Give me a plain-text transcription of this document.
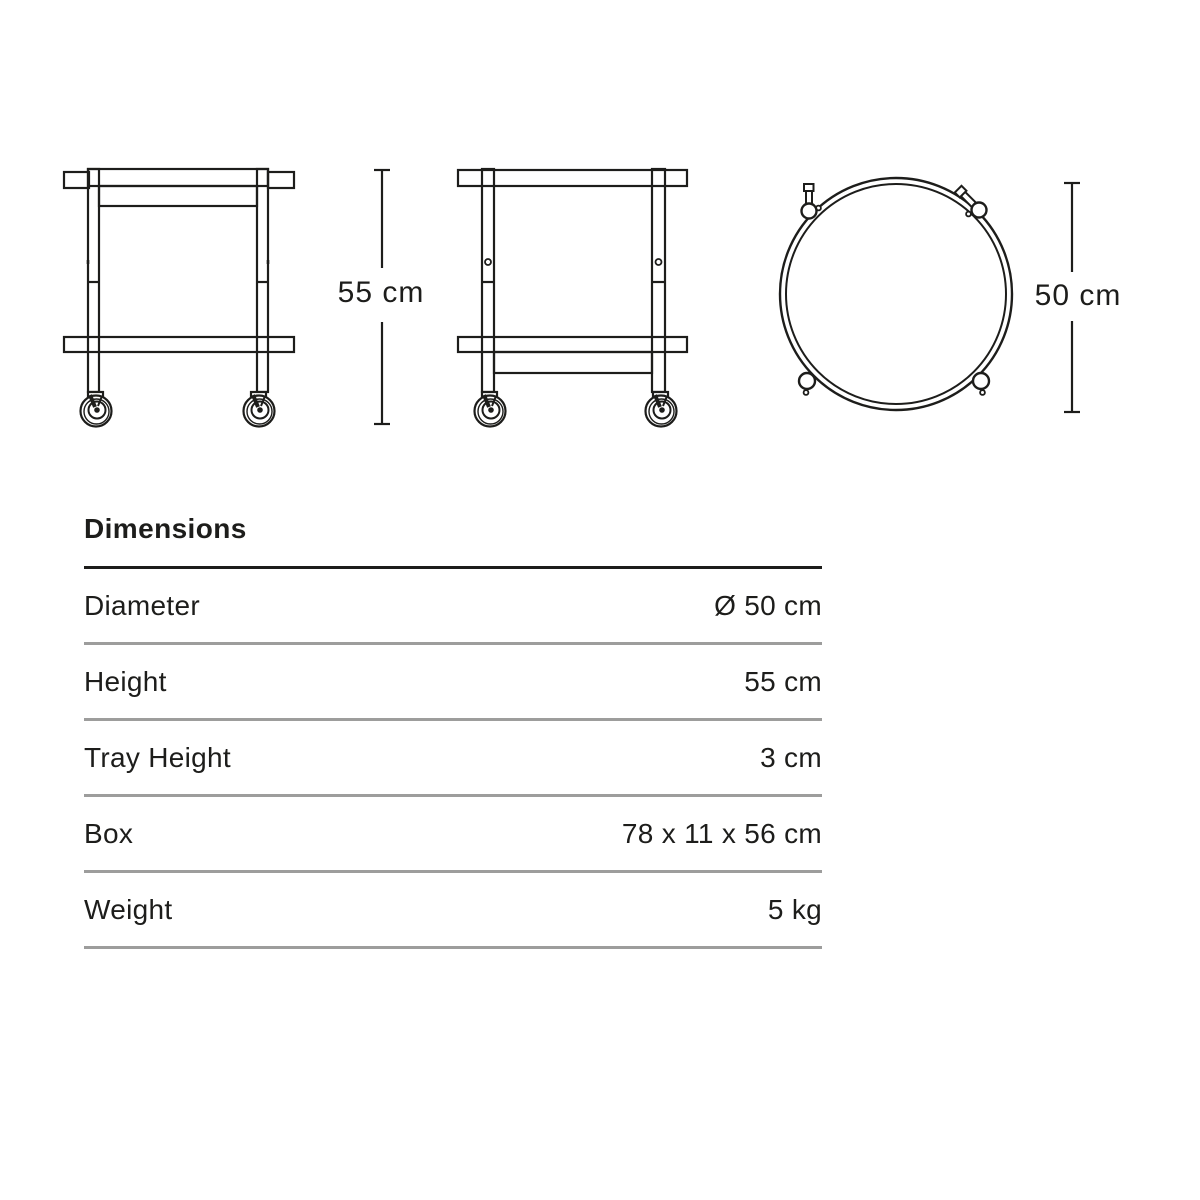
55 cm	50 cm
Dimensions
Diameter	Ø 50 cm
Height	55 cm
Tray Height	3 cm
Box	78 x 11 x 56 cm
Weight	5 kg
